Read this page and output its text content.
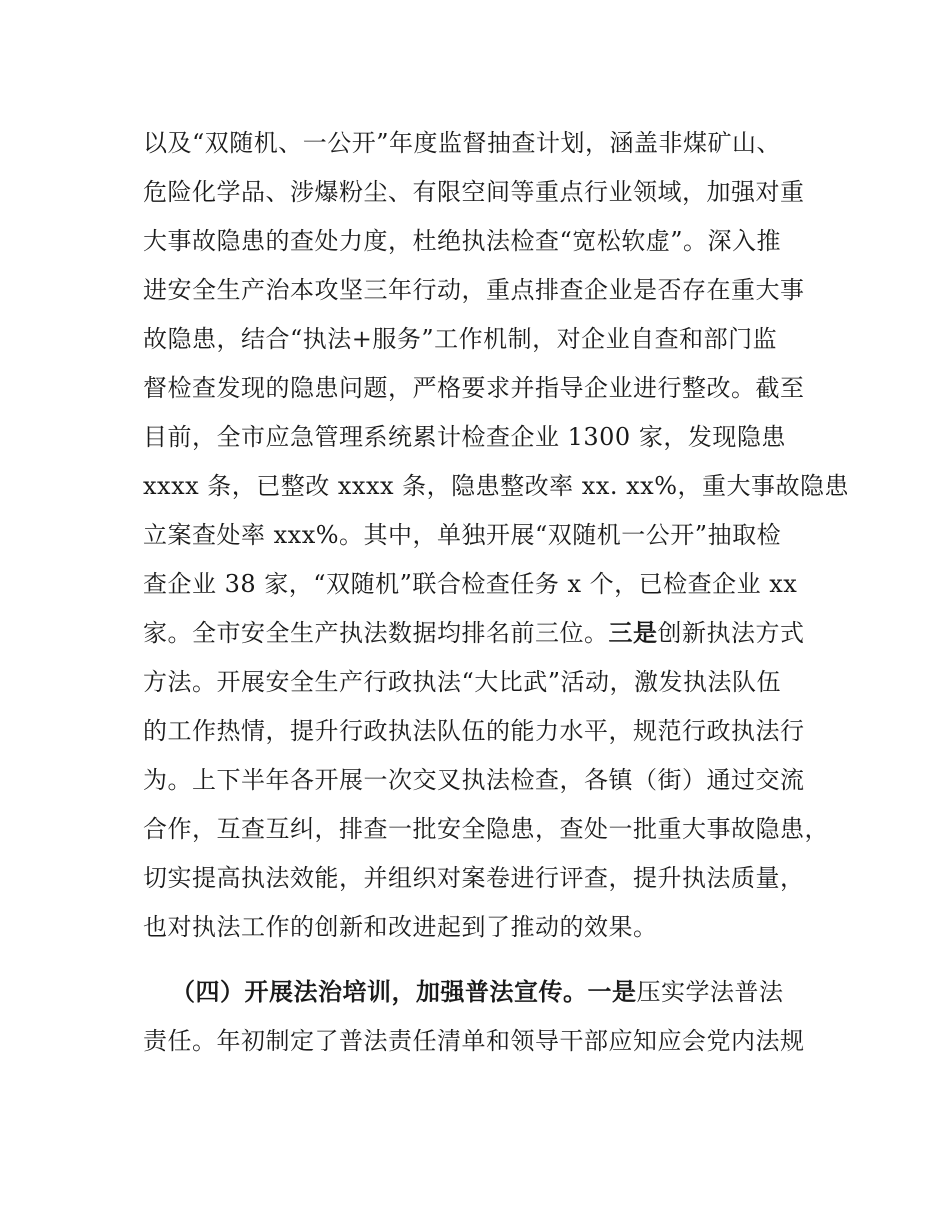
以及“双随机、一公开”年度监督抽查计划，涵盖非煤矿山、
危险化学品、涉爆粉尘、有限空间等重点行业领域，加强对重
大事故隐患的查处力度，杜绝执法检查“宽松软虚”。深入推
进安全生产治本攻坚三年行动，重点排查企业是否存在重大事
故隐患，结合“执法+服务”工作机制，对企业自查和部门监
督检查发现的隐患问题，严格要求并指导企业进行整改。截至
目前，全市应急管理系统累计检查企业 1300 家，发现隐患
xxxx 条，已整改 xxxx 条，隐患整改率 xx. xx%，重大事故隐患
立案查处率 xxx%。其中，单独开展“双随机一公开”抽取检
查企业 38 家，“双随机”联合检查任务 x 个，已检查企业 xx
家。全市安全生产执法数据均排名前三位。三是创新执法方式
方法。开展安全生产行政执法“大比武”活动，激发执法队伍
的工作热情，提升行政执法队伍的能力水平，规范行政执法行
为。上下半年各开展一次交叉执法检查，各镇（街）通过交流
合作，互查互纠，排查一批安全隐患，查处一批重大事故隐患，
切实提高执法效能，并组织对案卷进行评查，提升执法质量，
也对执法工作的创新和改进起到了推动的效果。
（四）开展法治培训，加强普法宣传。一是压实学法普法
责任。年初制定了普法责任清单和领导干部应知应会党内法规
